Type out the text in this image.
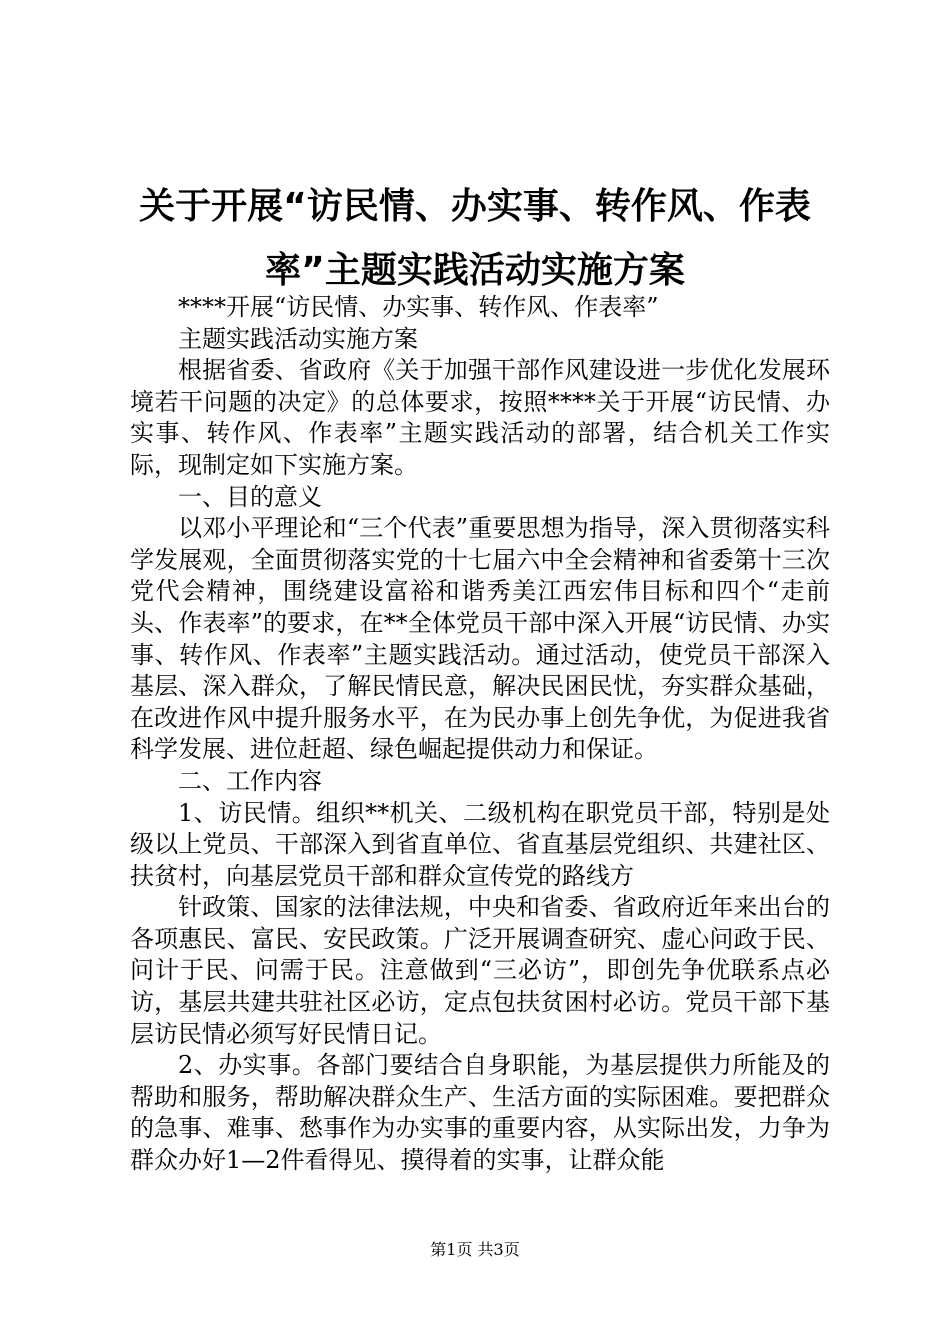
关于开展“访民情、办实事、转作风、作表率”主题实践活动实施方案

****开展“访民情、办实事、转作风、作表率”

主题实践活动实施方案

根据省委、省政府《关于加强干部作风建设进一步优化发展环境若干问题的决定》的总体要求，按照****关于开展“访民情、办实事、转作风、作表率”主题实践活动的部署，结合机关工作实际，现制定如下实施方案。

一、目的意义

以邓小平理论和“三个代表”重要思想为指导，深入贯彻落实科学发展观，全面贯彻落实党的十七届六中全会精神和省委第十三次党代会精神，围绕建设富裕和谐秀美江西宏伟目标和四个“走前头、作表率”的要求，在**全体党员干部中深入开展“访民情、办实事、转作风、作表率”主题实践活动。通过活动，使党员干部深入基层、深入群众，了解民情民意，解决民困民忧，夯实群众基础，在改进作风中提升服务水平，在为民办事上创先争优，为促进我省科学发展、进位赶超、绿色崛起提供动力和保证。

二、工作内容

1、访民情。组织**机关、二级机构在职党员干部，特别是处级以上党员、干部深入到省直单位、省直基层党组织、共建社区、扶贫村，向基层党员干部和群众宣传党的路线方

针政策、国家的法律法规，中央和省委、省政府近年来出台的各项惠民、富民、安民政策。广泛开展调查研究、虚心问政于民、问计于民、问需于民。注意做到“三必访”，即创先争优联系点必访，基层共建共驻社区必访，定点包扶贫困村必访。党员干部下基层访民情必须写好民情日记。

2、办实事。各部门要结合自身职能，为基层提供力所能及的帮助和服务，帮助解决群众生产、生活方面的实际困难。要把群众的急事、难事、愁事作为办实事的重要内容，从实际出发，力争为群众办好1—2件看得见、摸得着的实事，让群众能

第1页 共3页
